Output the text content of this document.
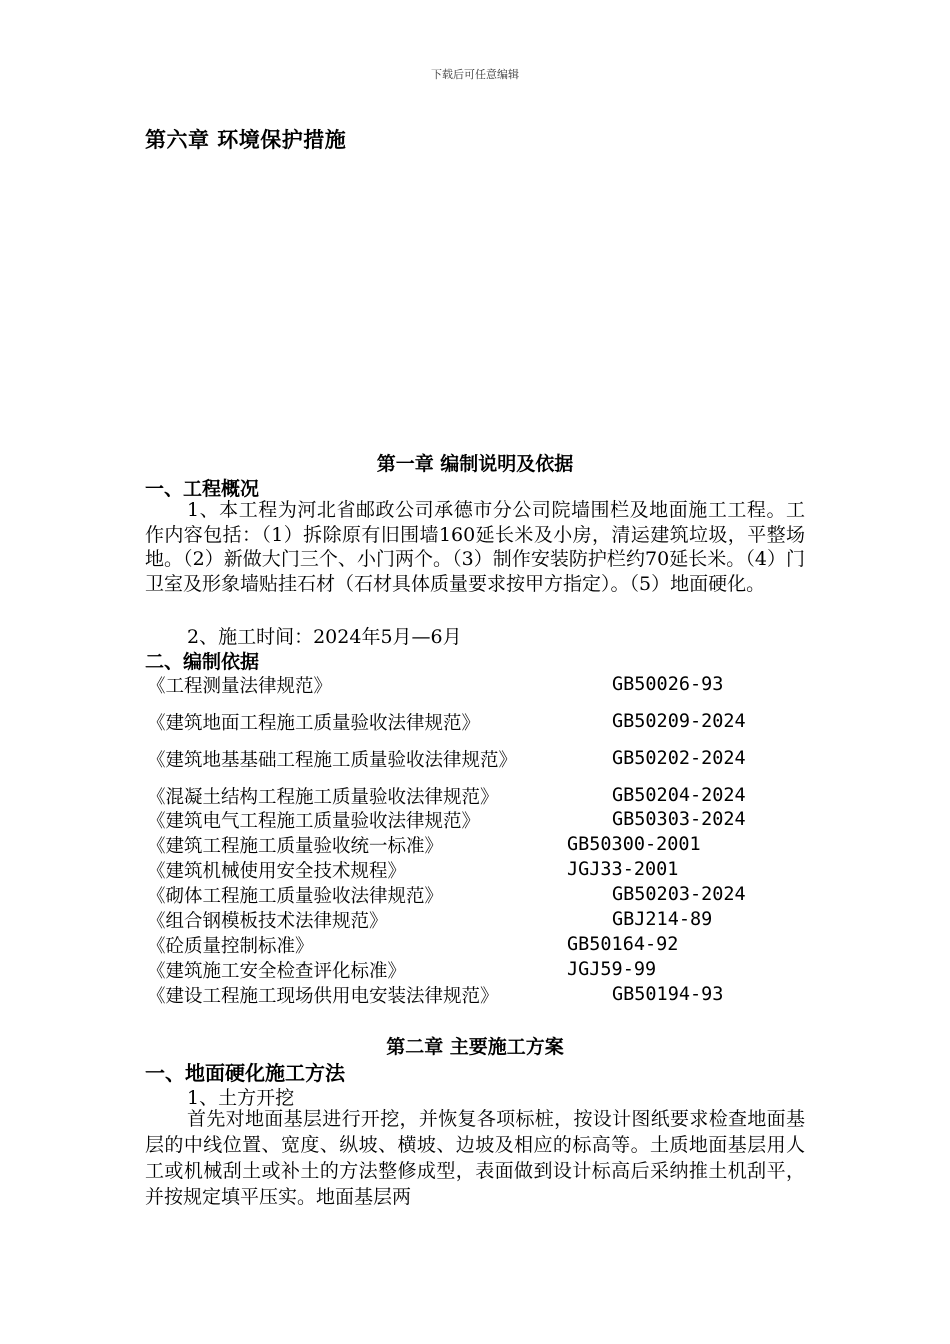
下载后可任意编辑
第六章 环境保护措施
第一章 编制说明及依据
一、工程概况
1、本工程为河北省邮政公司承德市分公司院墙围栏及地面施工工程。工作内容包括：（1）拆除原有旧围墙160延长米及小房，清运建筑垃圾，平整场地。（2）新做大门三个、小门两个。（3）制作安装防护栏约70延长米。（4）门卫室及形象墙贴挂石材（石材具体质量要求按甲方指定）。（5）地面硬化。
2、施工时间：2024年5月—6月
二、编制依据
《工程测量法律规范》	GB50026-93
《建筑地面工程施工质量验收法律规范》	GB50209-2024
《建筑地基基础工程施工质量验收法律规范》	GB50202-2024
《混凝土结构工程施工质量验收法律规范》	GB50204-2024
《建筑电气工程施工质量验收法律规范》	GB50303-2024
《建筑工程施工质量验收统一标准》	GB50300-2001
《建筑机械使用安全技术规程》	JGJ33-2001
《砌体工程施工质量验收法律规范》	GB50203-2024
《组合钢模板技术法律规范》	GBJ214-89
《砼质量控制标准》	GB50164-92
《建筑施工安全检查评化标准》	JGJ59-99
《建设工程施工现场供用电安装法律规范》	GB50194-93
第二章 主要施工方案
一、地面硬化施工方法
1、土方开挖
首先对地面基层进行开挖，并恢复各项标桩，按设计图纸要求检查地面基层的中线位置、宽度、纵坡、横坡、边坡及相应的标高等。土质地面基层用人工或机械刮土或补土的方法整修成型，表面做到设计标高后采纳推土机刮平，并按规定填平压实。地面基层两
